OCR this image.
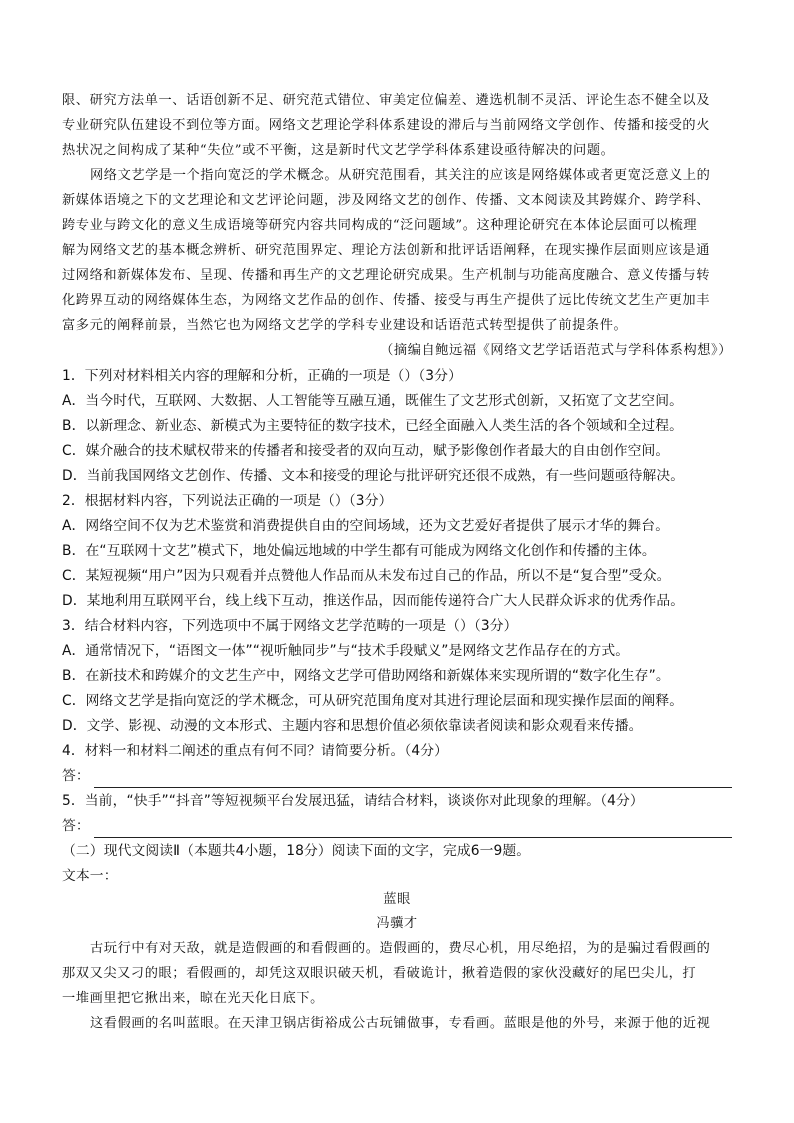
限、研究方法单一、话语创新不足、研究范式错位、审美定位偏差、遴选机制不灵活、评论生态不健全以及
专业研究队伍建设不到位等方面。网络文艺理论学科体系建设的滞后与当前网络文学创作、传播和接受的火
热状况之间构成了某种“失位”或不平衡，这是新时代文艺学学科体系建设亟待解决的问题。
网络文艺学是一个指向宽泛的学术概念。从研究范围看，其关注的应该是网络媒体或者更宽泛意义上的
新媒体语境之下的文艺理论和文艺评论问题，涉及网络文艺的创作、传播、文本阅读及其跨媒介、跨学科、
跨专业与跨文化的意义生成语境等研究内容共同构成的“泛问题域”。这种理论研究在本体论层面可以梳理
解为网络文艺的基本概念辨析、研究范围界定、理论方法创新和批评话语阐释，在现实操作层面则应该是通
过网络和新媒体发布、呈现、传播和再生产的文艺理论研究成果。生产机制与功能高度融合、意义传播与转
化跨界互动的网络媒体生态，为网络文艺作品的创作、传播、接受与再生产提供了远比传统文艺生产更加丰
富多元的阐释前景，当然它也为网络文艺学的学科专业建设和话语范式转型提供了前提条件。
（摘编自鲍远福《网络文艺学话语范式与学科体系构想》）
1．下列对材料相关内容的理解和分析，正确的一项是（）（3分）
A．当今时代，互联网、大数据、人工智能等互融互通，既催生了文艺形式创新，又拓宽了文艺空间。
B．以新理念、新业态、新模式为主要特征的数字技术，已经全面融入人类生活的各个领域和全过程。
C．媒介融合的技术赋权带来的传播者和接受者的双向互动，赋予影像创作者最大的自由创作空间。
D．当前我国网络文艺创作、传播、文本和接受的理论与批评研究还很不成熟，有一些问题亟待解决。
2．根据材料内容，下列说法正确的一项是（）（3分）
A．网络空间不仅为艺术鉴赏和消费提供自由的空间场域，还为文艺爱好者提供了展示才华的舞台。
B．在“互联网十文艺”模式下，地处偏远地域的中学生都有可能成为网络文化创作和传播的主体。
C．某短视频“用户”因为只观看并点赞他人作品而从未发布过自己的作品，所以不是“复合型”受众。
D．某地利用互联网平台，线上线下互动，推送作品，因而能传递符合广大人民群众诉求的优秀作品。
3．结合材料内容，下列选项中不属于网络文艺学范畴的一项是（）（3分）
A．通常情况下，“语图文一体”“视听触同步”与“技术手段赋义”是网络文艺作品存在的方式。
B．在新技术和跨媒介的文艺生产中，网络文艺学可借助网络和新媒体来实现所谓的“数字化生存”。
C．网络文艺学是指向宽泛的学术概念，可从研究范围角度对其进行理论层面和现实操作层面的阐释。
D．文学、影视、动漫的文本形式、主题内容和思想价值必须依靠读者阅读和影众观看来传播。
4．材料一和材料二阐述的重点有何不同？请简要分析。（4分）
答：
5．当前，“快手”“抖音”等短视频平台发展迅猛，请结合材料，谈谈你对此现象的理解。（4分）
答：
（二）现代文阅读Ⅱ（本题共4小题，18分）阅读下面的文字，完成6一9题。
文本一：
蓝眼
冯骥才
古玩行中有对天敌，就是造假画的和看假画的。造假画的，费尽心机，用尽绝招，为的是骗过看假画的
那双又尖又刁的眼；看假画的，却凭这双眼识破天机，看破诡计，揪着造假的家伙没藏好的尾巴尖儿，打
一堆画里把它揪出来，晾在光天化日底下。
这看假画的名叫蓝眼。在天津卫锅店街裕成公古玩铺做事，专看画。蓝眼是他的外号，来源于他的近视
